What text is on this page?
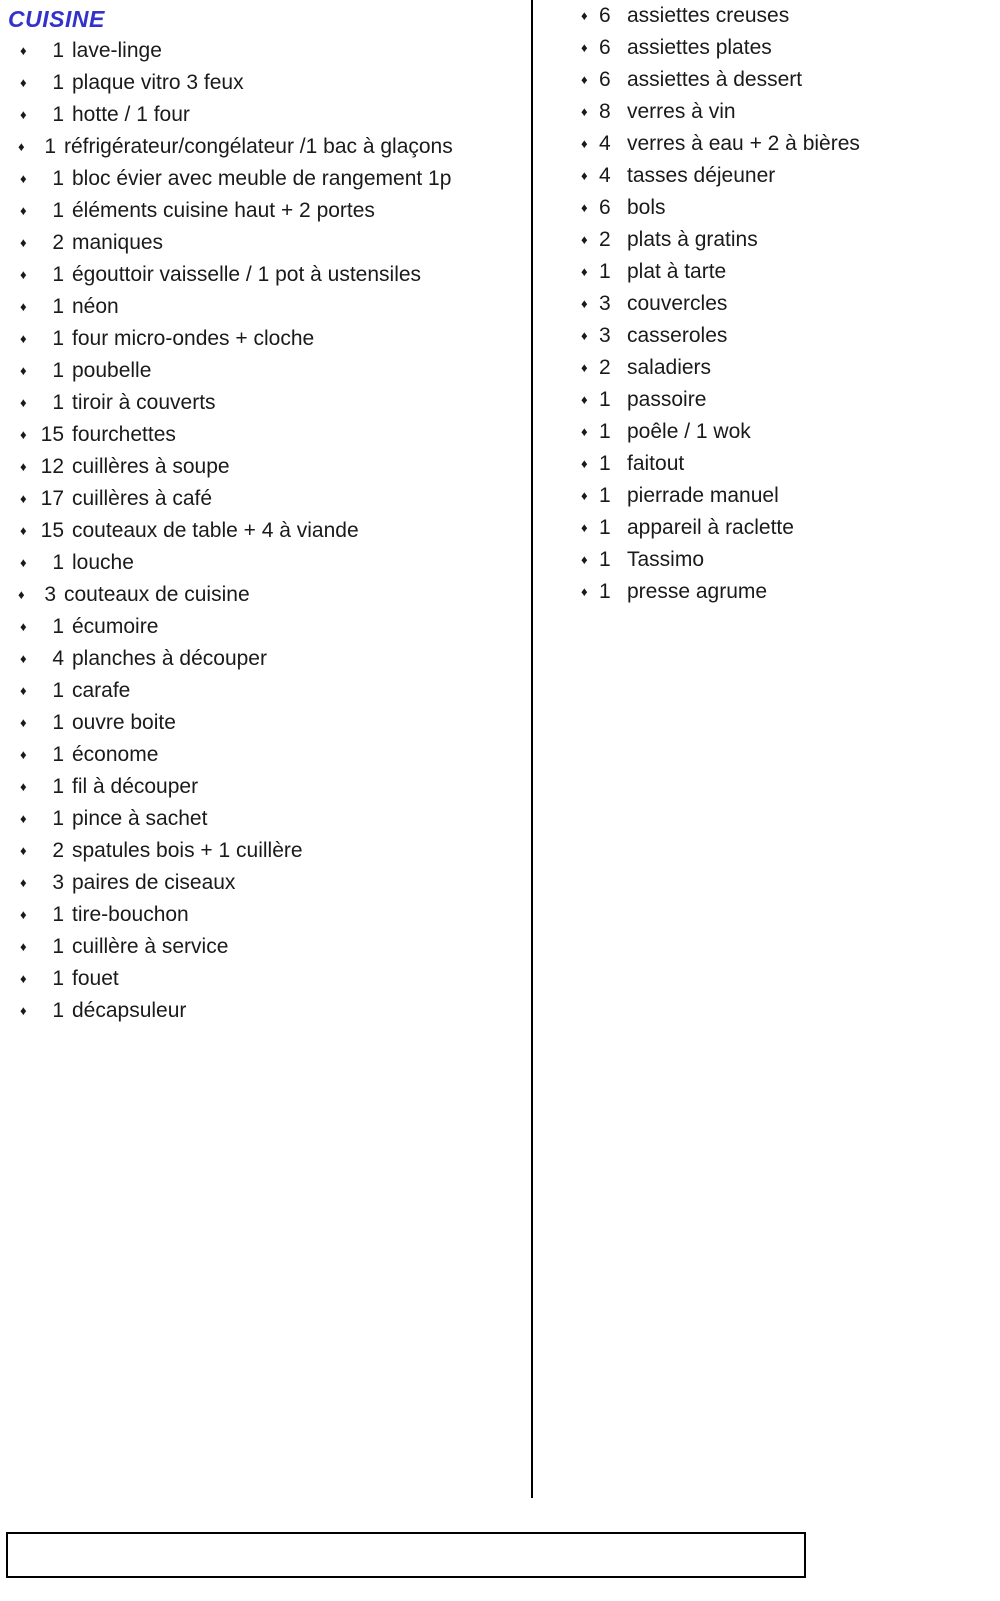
CUISINE
♦ 1 lave-linge
♦ 1 plaque vitro 3 feux
♦ 1 hotte / 1 four
♦ 1 réfrigérateur/congélateur /1 bac à glaçons
♦ 1 bloc évier avec meuble de rangement 1p
♦ 1 éléments cuisine haut + 2 portes
♦ 2 maniques
♦ 1 égouttoir vaisselle / 1 pot à ustensiles
♦ 1 néon
♦ 1 four micro-ondes + cloche
♦ 1 poubelle
♦ 1 tiroir à couverts
♦ 15 fourchettes
♦ 12 cuillères à soupe
♦ 17 cuillères à café
♦ 15 couteaux de table + 4 à viande
♦ 1 louche
♦ 3 couteaux de cuisine
♦ 1 écumoire
♦ 4 planches à découper
♦ 1 carafe
♦ 1 ouvre boite
♦ 1 économe
♦ 1 fil à découper
♦ 1 pince à sachet
♦ 2 spatules bois + 1 cuillère
♦ 3 paires de ciseaux
♦ 1 tire-bouchon
♦ 1 cuillère à service
♦ 1 fouet
♦ 1 décapsuleur
♦ 6 assiettes creuses
♦ 6 assiettes plates
♦ 6 assiettes à dessert
♦ 8 verres à vin
♦ 4 verres à eau + 2 à bières
♦ 4 tasses déjeuner
♦ 6 bols
♦ 2 plats à gratins
♦ 1 plat à tarte
♦ 3 couvercles
♦ 3 casseroles
♦ 2 saladiers
♦ 1 passoire
♦ 1 poêle / 1 wok
♦ 1 faitout
♦ 1 pierrade manuel
♦ 1 appareil à raclette
♦ 1 Tassimo
♦ 1 presse agrume
